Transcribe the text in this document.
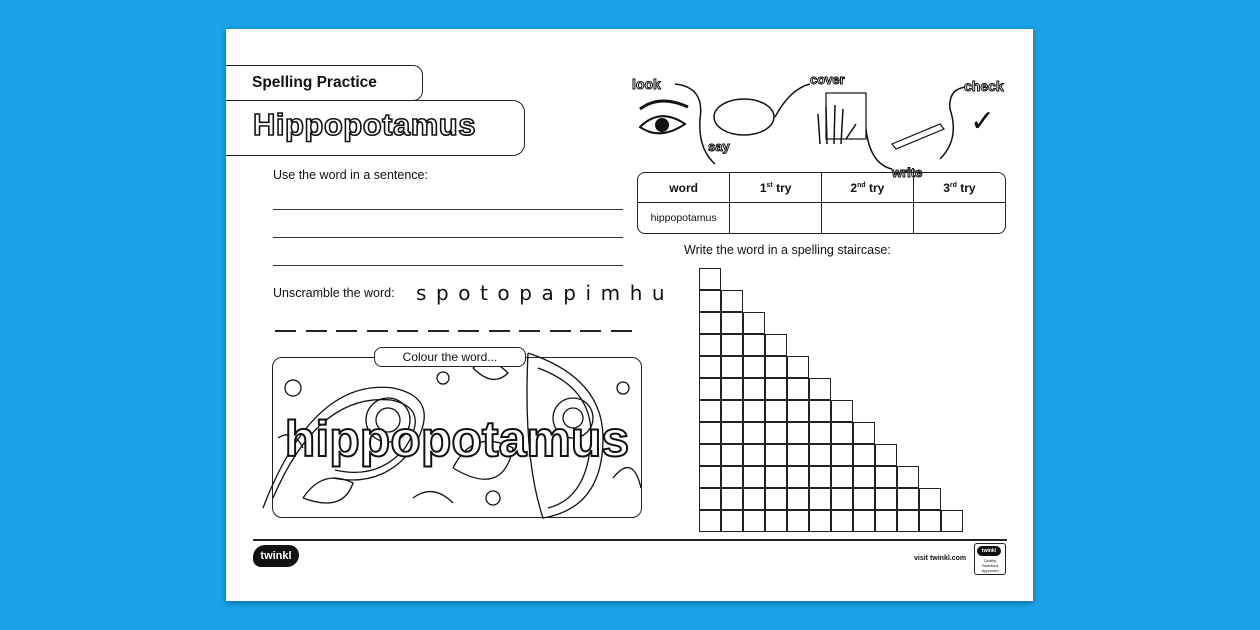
Spelling Practice
Hippopotamus
look
say
cover
write
check
✓
Use the word in a sentence:
Unscramble the word: s p o t o p a p i m h u
Colour the word...
hippopotamus
word	1st try	2nd try	3rd try
hippopotamus			
Write the word in a spelling staircase:
twinkl	visit twinkl.com
twinkl
Quality Standard Approved
